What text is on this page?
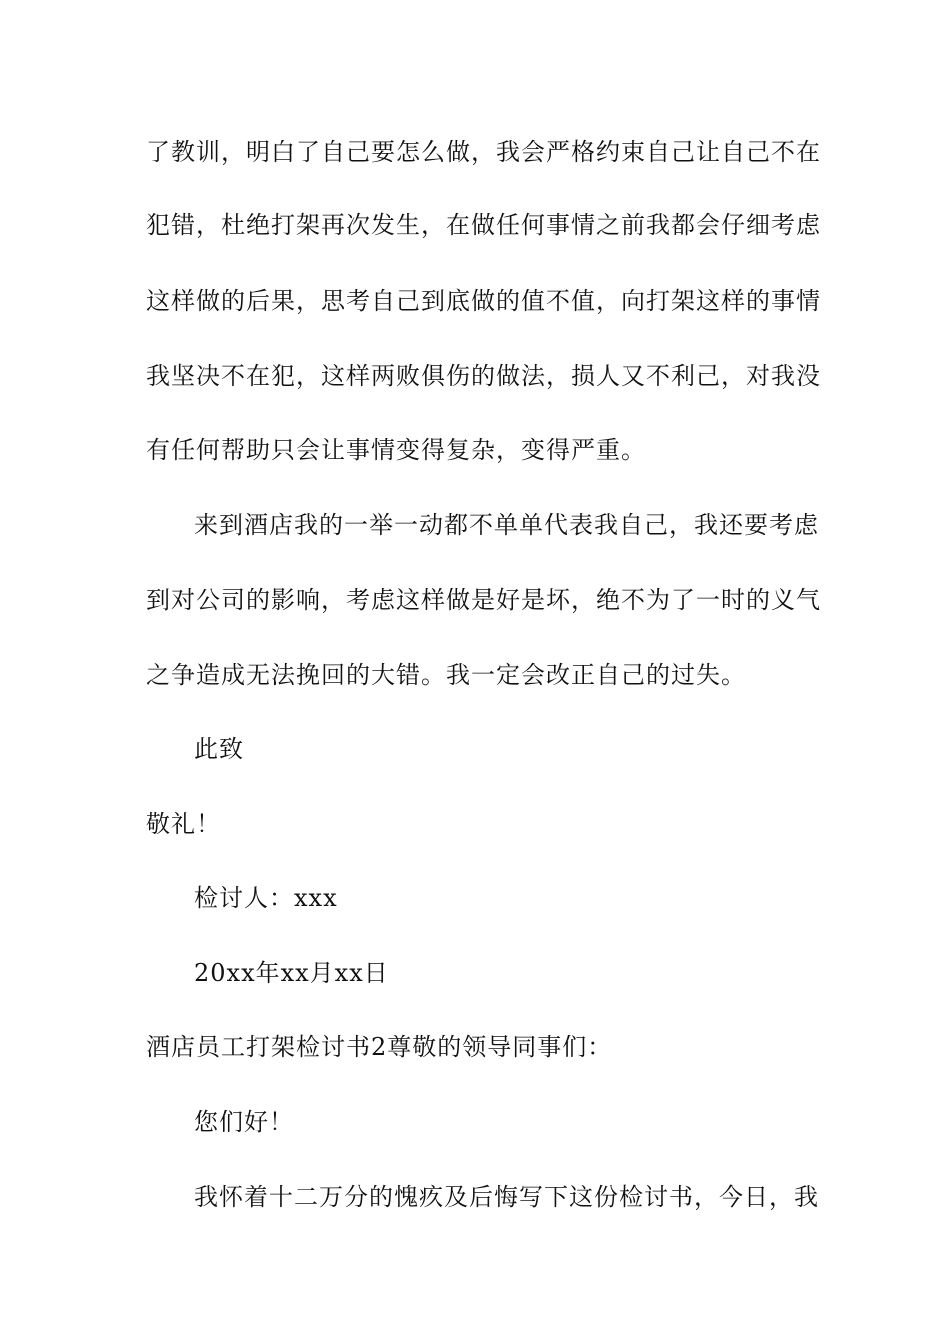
了教训，明白了自己要怎么做，我会严格约束自己让自己不在
犯错，杜绝打架再次发生，在做任何事情之前我都会仔细考虑
这样做的后果，思考自己到底做的值不值，向打架这样的事情
我坚决不在犯，这样两败俱伤的做法，损人又不利己，对我没
有任何帮助只会让事情变得复杂，变得严重。
来到酒店我的一举一动都不单单代表我自己，我还要考虑
到对公司的影响，考虑这样做是好是坏，绝不为了一时的义气
之争造成无法挽回的大错。我一定会改正自己的过失。
此致
敬礼！
检讨人：xxx
20xx年xx月xx日
酒店员工打架检讨书2尊敬的领导同事们：
您们好！
我怀着十二万分的愧疚及后悔写下这份检讨书，今日，我
